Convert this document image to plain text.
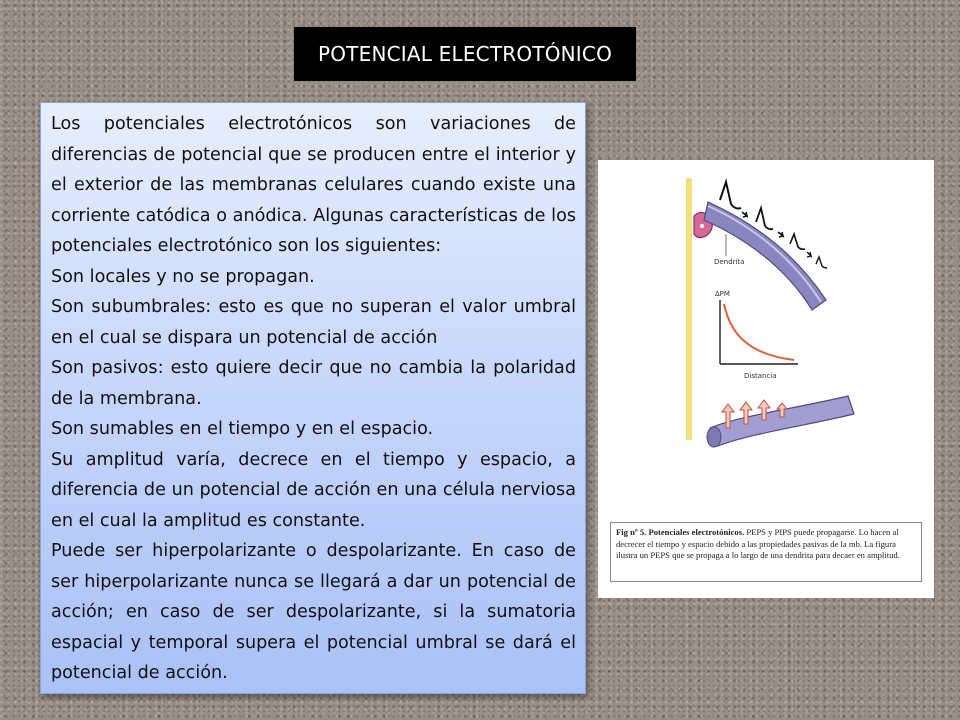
POTENCIAL ELECTROTÓNICO

Los potenciales electrotónicos son variaciones de diferencias de potencial que se producen entre el interior y el exterior de las membranas celulares cuando existe una corriente catódica o anódica. Algunas características de los potenciales electrotónico son los siguientes:

Son locales y no se propagan.

Son subumbrales: esto es que no superan el valor umbral en el cual se dispara un potencial de acción

Son pasivos: esto quiere decir que no cambia la polaridad de la membrana.

Son sumables en el tiempo y en el espacio.

Su amplitud varía, decrece en el tiempo y espacio, a diferencia de un potencial de acción en una célula nerviosa en el cual la amplitud es constante.

Puede ser hiperpolarizante o despolarizante. En caso de ser hiperpolarizante nunca se llegará a dar un potencial de acción; en caso de ser despolarizante, si la sumatoria espacial y temporal supera el potencial umbral se dará el potencial de acción.

Dendrita
∆PM
Distancia
Fig nº 5. Potenciales electrotónicos. PEPS y PIPS puede propagarse. Lo hacen al decrecer el tiempo y espacio debido a las propiedades pasivas de la mb. La figura ilustra un PEPS que se propaga a lo largo de una dendrita para decaer en amplitud.
